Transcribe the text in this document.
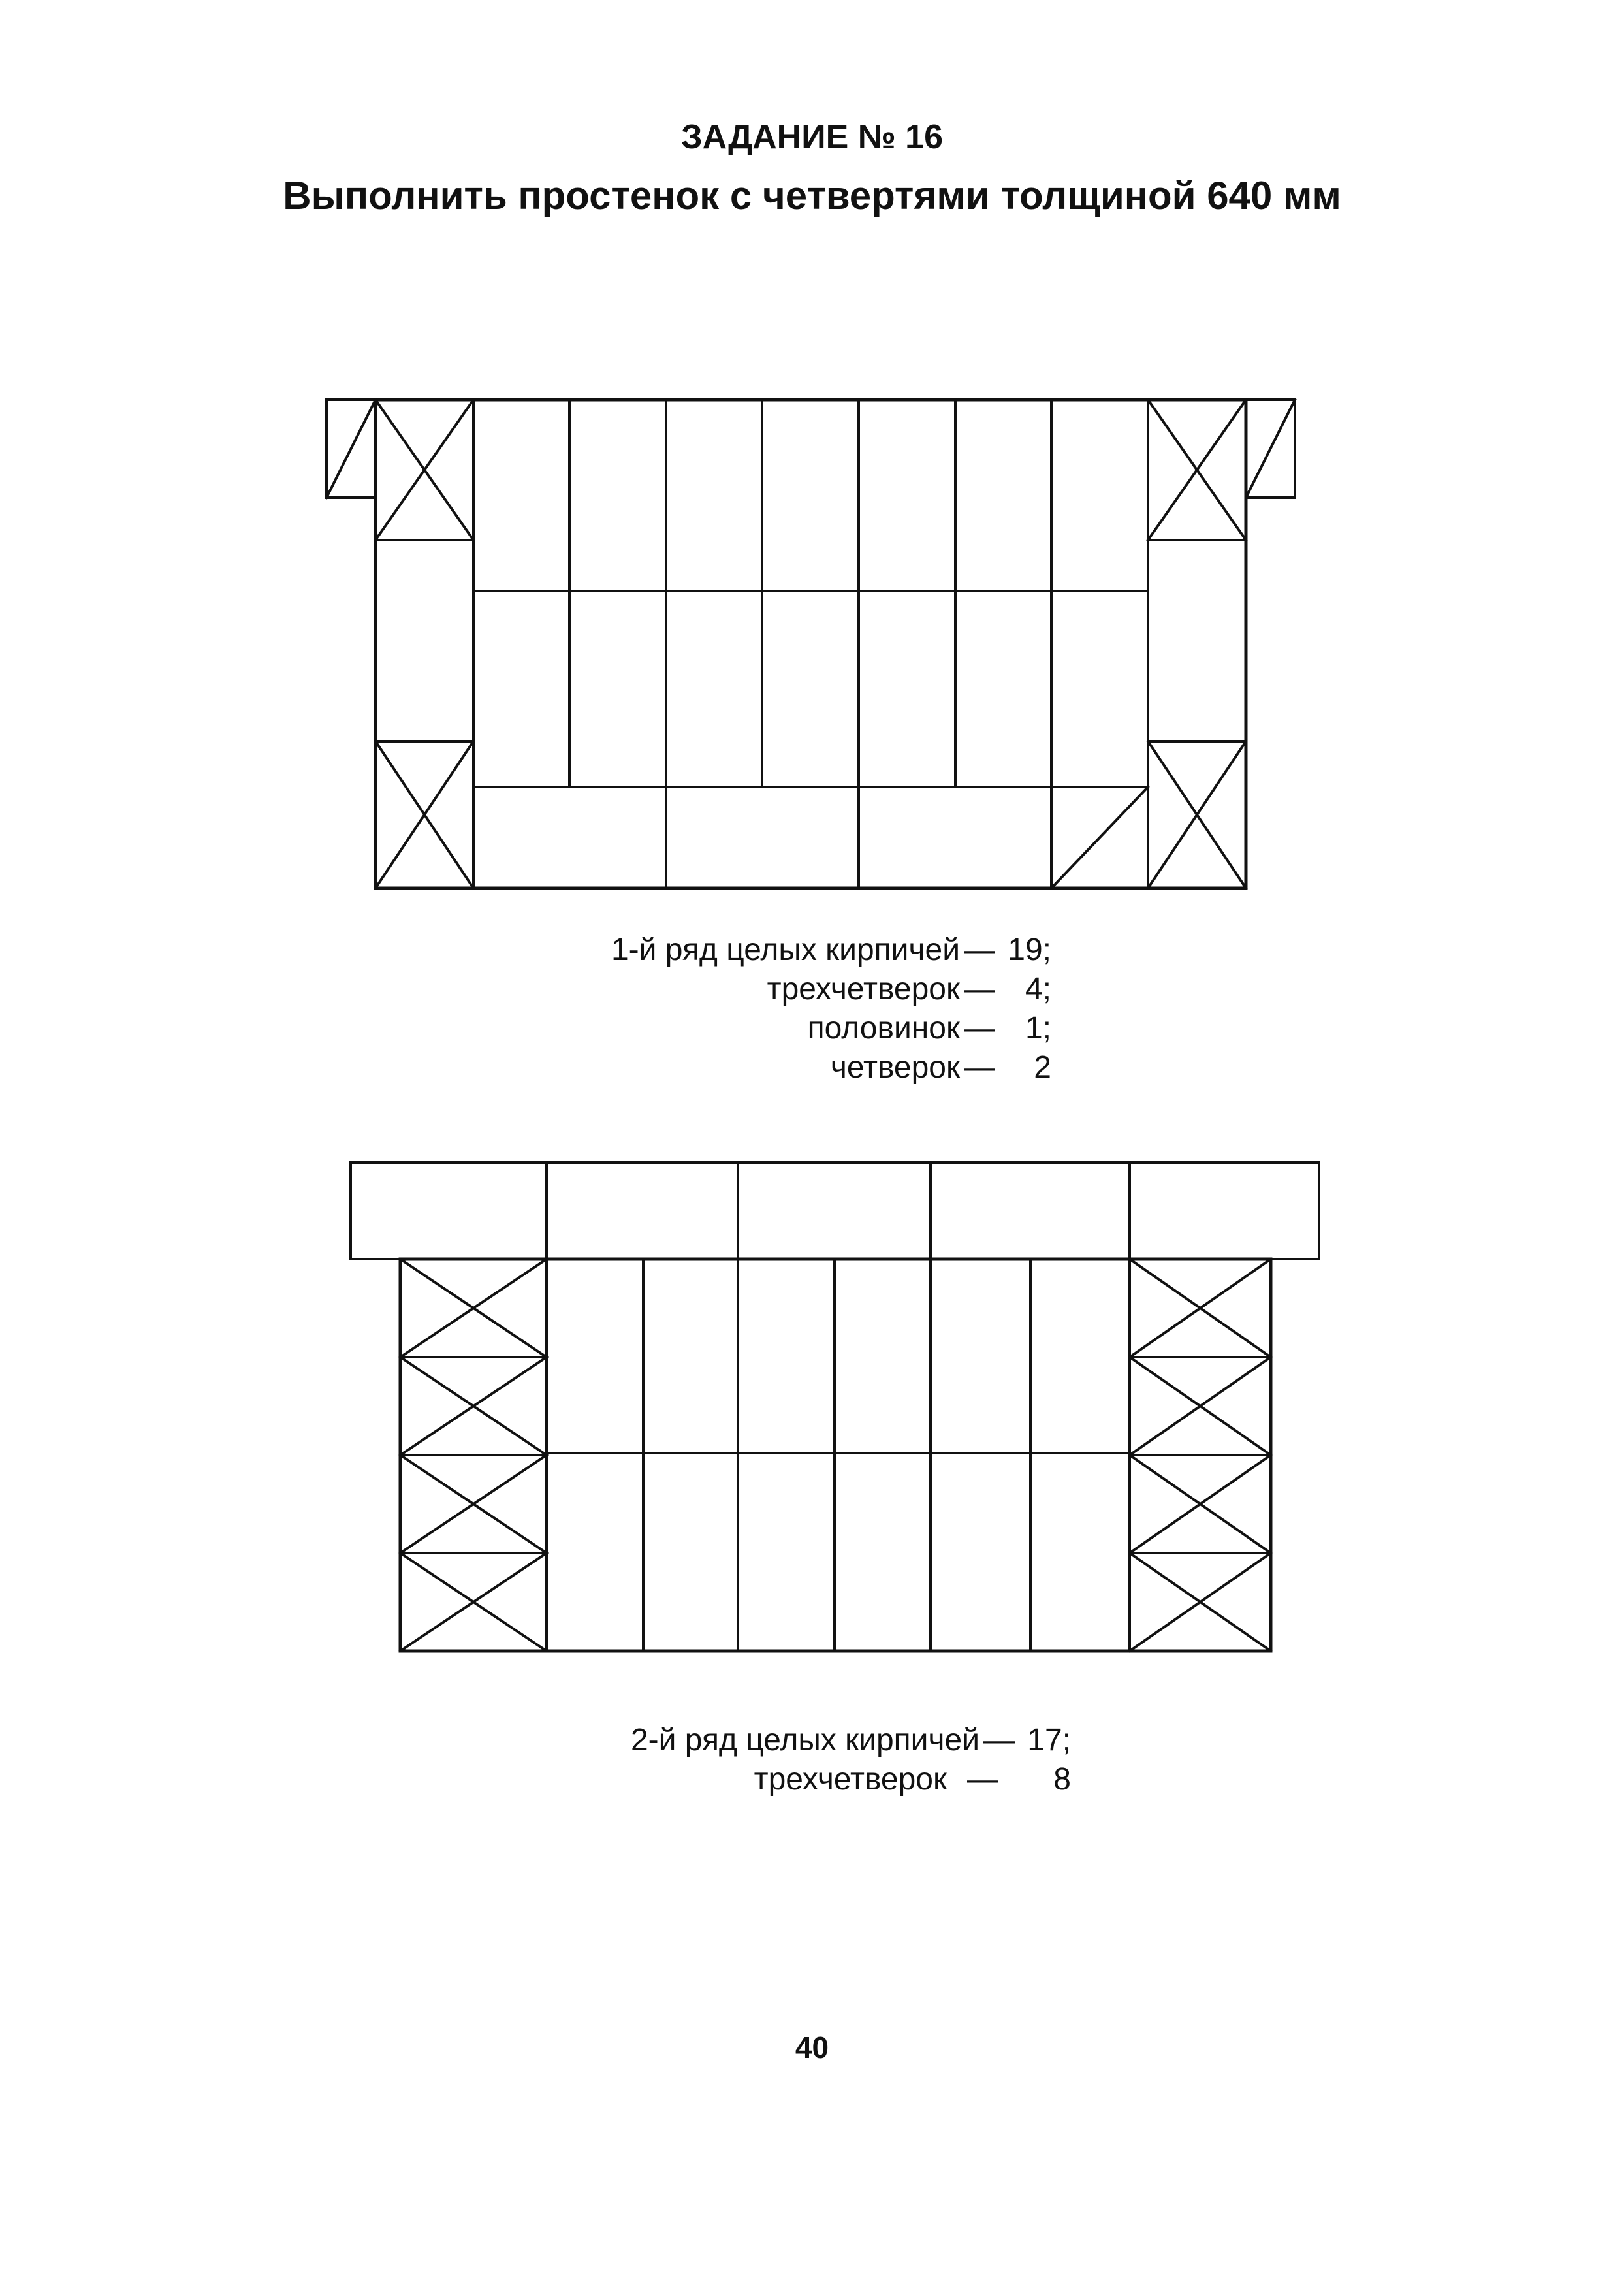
ЗАДАНИЕ № 16
Выполнить простенок с четвертями толщиной 640 мм
1-й ряд целых кирпичей — 19;
трехчетверок — 4;
половинок — 1;
четверок —	2
2-й ряд целых кирпичей — 17;
трехчетверок —	8
40
